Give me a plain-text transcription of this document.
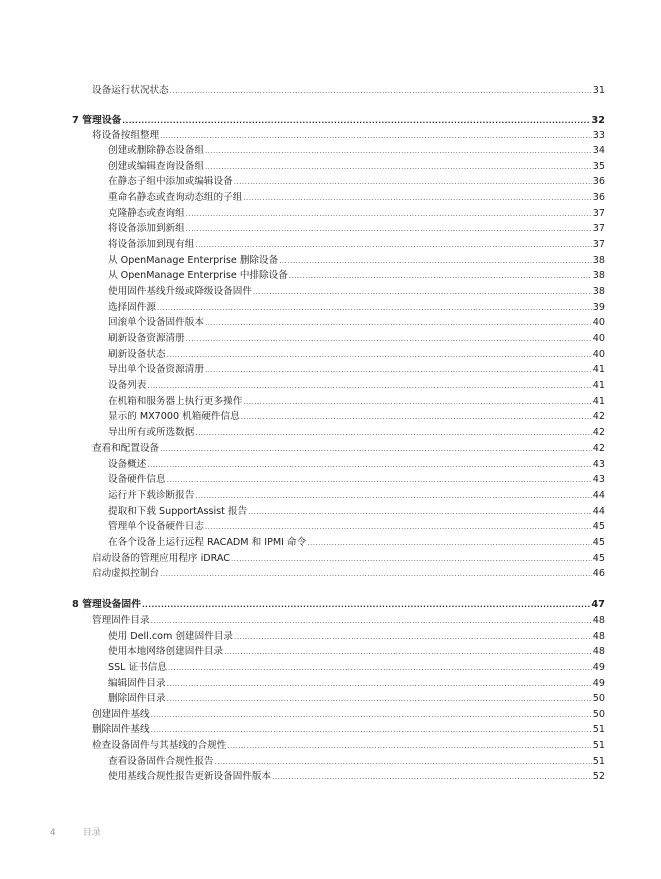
设备运行状况状态 .....	31
7 管理设备 .....	32
将设备按组整理 .....	33
创建或删除静态设备组 .....	34
创建或编辑查询设备组 .....	35
在静态子组中添加或编辑设备 .....	36
重命名静态或查询动态组的子组 .....	36
克隆静态或查询组 .....	37
将设备添加到新组 .....	37
将设备添加到现有组 .....	37
从 OpenManage Enterprise 删除设备 .....	38
从 OpenManage Enterprise 中排除设备 .....	38
使用固件基线升级或降级设备固件 .....	38
选择固件源 .....	39
回滚单个设备固件版本 .....	40
刷新设备资源清册 .....	40
刷新设备状态 .....	40
导出单个设备资源清册 .....	41
设备列表 .....	41
在机箱和服务器上执行更多操作 .....	41
显示的 MX7000 机箱硬件信息 .....	42
导出所有或所选数据 .....	42
查看和配置设备 .....	42
设备概述 .....	43
设备硬件信息 .....	43
运行并下载诊断报告 .....	44
提取和下载 SupportAssist 报告 .....	44
管理单个设备硬件日志 .....	45
在各个设备上运行远程 RACADM 和 IPMI 命令 .....	45
启动设备的管理应用程序 iDRAC .....	45
启动虚拟控制台 .....	46
8 管理设备固件 .....	47
管理固件目录 .....	48
使用 Dell.com 创建固件目录 .....	48
使用本地网络创建固件目录 .....	48
SSL 证书信息 .....	49
编辑固件目录 .....	49
删除固件目录 .....	50
创建固件基线 .....	50
删除固件基线 .....	51
检查设备固件与其基线的合规性 .....	51
查看设备固件合规性报告 .....	51
使用基线合规性报告更新设备固件版本 .....	52
4	目录
